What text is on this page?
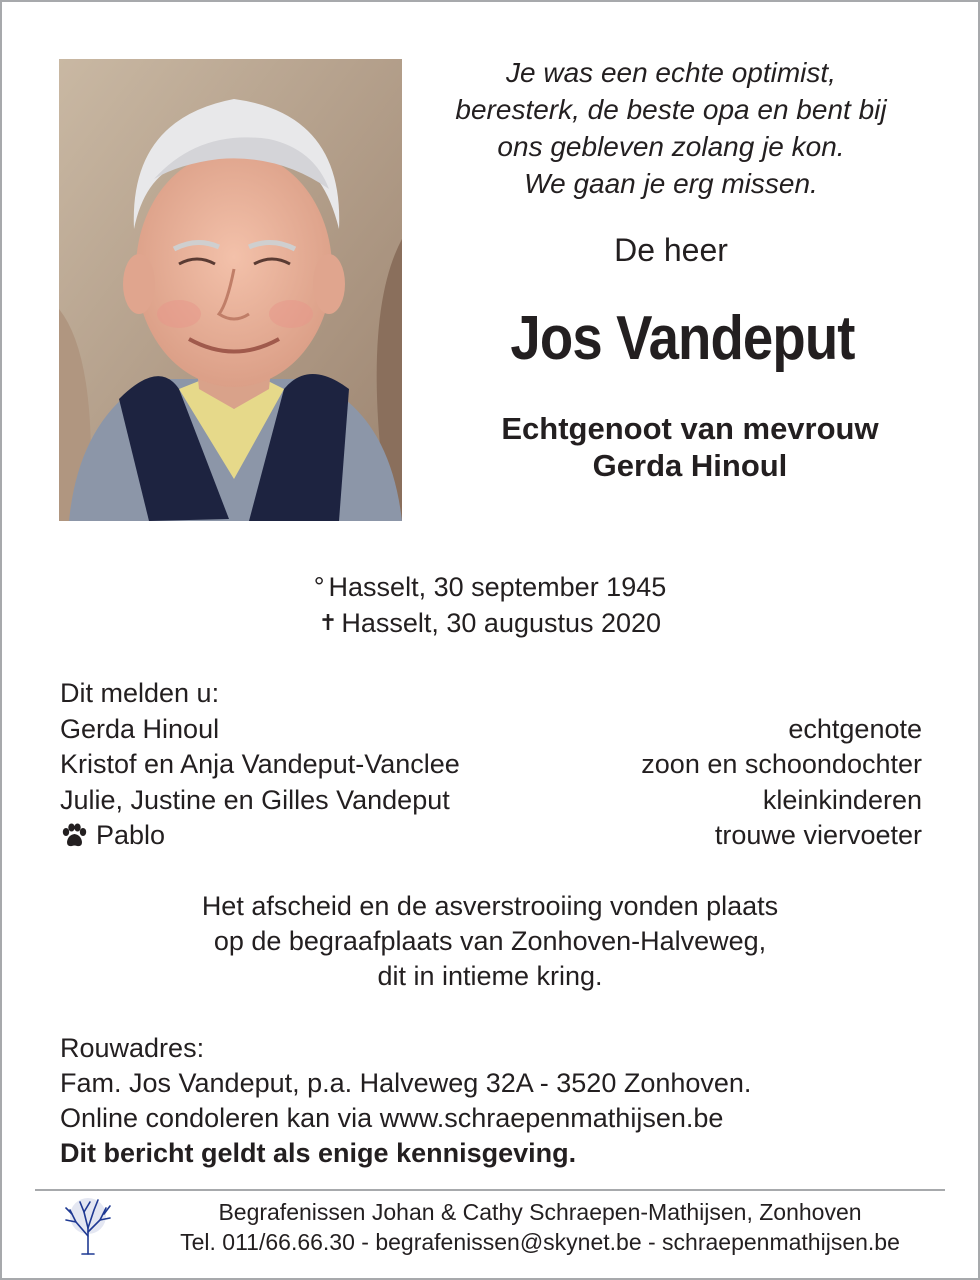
Je was een echte optimist,
beresterk, de beste opa en bent bij
ons gebleven zolang je kon.
We gaan je erg missen.
De heer
Jos Vandeput
Echtgenoot van mevrouw
Gerda Hinoul
° Hasselt, 30 september 1945
✝ Hasselt, 30 augustus 2020
Dit melden u:
Gerda Hinoul	echtgenote
Kristof en Anja Vandeput-Vanclee	zoon en schoondochter
Julie, Justine en Gilles Vandeput	kleinkinderen
Pablo	trouwe viervoeter
Het afscheid en de asverstrooiing vonden plaats
op de begraafplaats van Zonhoven-Halveweg,
dit in intieme kring.
Rouwadres:
Fam. Jos Vandeput, p.a. Halveweg 32A - 3520 Zonhoven.
Online condoleren kan via www.schraepenmathijsen.be
Dit bericht geldt als enige kennisgeving.
Begrafenissen Johan & Cathy Schraepen-Mathijsen, Zonhoven
Tel. 011/66.66.30 - begrafenissen@skynet.be - schraepenmathijsen.be
